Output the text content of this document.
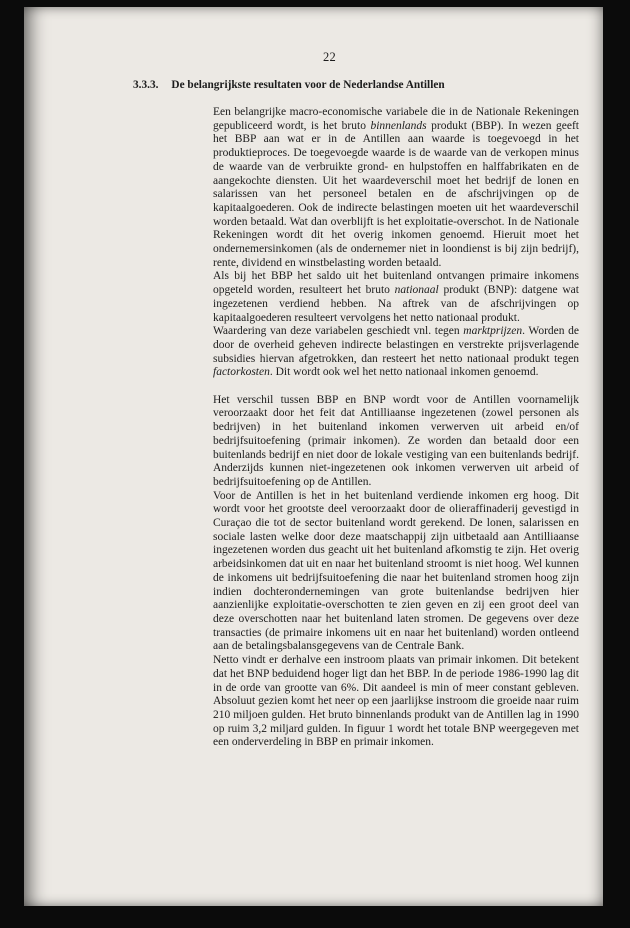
22
3.3.3. De belangrijkste resultaten voor de Nederlandse Antillen

Een belangrijke macro-economische variabele die in de Nationale Rekeningen gepubliceerd wordt, is het bruto binnenlands produkt (BBP). In wezen geeft het BBP aan wat er in de Antillen aan waarde is toegevoegd in het produktieproces. De toegevoegde waarde is de waarde van de verkopen minus de waarde van de verbruikte grond- en hulpstoffen en halffabrikaten en de aangekochte diensten. Uit het waardeverschil moet het bedrijf de lonen en salarissen van het personeel betalen en de afschrijvingen op de kapitaalgoederen. Ook de indirecte belastingen moeten uit het waardeverschil worden betaald. Wat dan overblijft is het exploitatie-overschot. In de Nationale Rekeningen wordt dit het overig inkomen genoemd. Hieruit moet het ondernemersinkomen (als de ondernemer niet in loondienst is bij zijn bedrijf), rente, dividend en winstbelasting worden betaald.

Als bij het BBP het saldo uit het buitenland ontvangen primaire inkomens opgeteld worden, resulteert het bruto nationaal produkt (BNP): datgene wat ingezetenen verdiend hebben. Na aftrek van de afschrijvingen op kapitaalgoederen resulteert vervolgens het netto nationaal produkt.

Waardering van deze variabelen geschiedt vnl. tegen marktprijzen. Worden de door de overheid geheven indirecte belastingen en verstrekte prijsverlagende subsidies hiervan afgetrokken, dan resteert het netto nationaal produkt tegen factorkosten. Dit wordt ook wel het netto nationaal inkomen genoemd.

Het verschil tussen BBP en BNP wordt voor de Antillen voornamelijk veroorzaakt door het feit dat Antilliaanse ingezetenen (zowel personen als bedrijven) in het buitenland inkomen verwerven uit arbeid en/of bedrijfsuitoefening (primair inkomen). Ze worden dan betaald door een buitenlands bedrijf en niet door de lokale vestiging van een buitenlands bedrijf. Anderzijds kunnen niet-ingezetenen ook inkomen verwerven uit arbeid of bedrijfsuitoefening op de Antillen.

Voor de Antillen is het in het buitenland verdiende inkomen erg hoog. Dit wordt voor het grootste deel veroorzaakt door de olieraffinaderij gevestigd in Curaçao die tot de sector buitenland wordt gerekend. De lonen, salarissen en sociale lasten welke door deze maatschappij zijn uitbetaald aan Antilliaanse ingezetenen worden dus geacht uit het buitenland afkomstig te zijn. Het overig arbeidsinkomen dat uit en naar het buitenland stroomt is niet hoog. Wel kunnen de inkomens uit bedrijfsuitoefening die naar het buitenland stromen hoog zijn indien dochterondernemingen van grote buitenlandse bedrijven hier aanzienlijke exploitatie-overschotten te zien geven en zij een groot deel van deze overschotten naar het buitenland laten stromen. De gegevens over deze transacties (de primaire inkomens uit en naar het buitenland) worden ontleend aan de betalingsbalansgegevens van de Centrale Bank.

Netto vindt er derhalve een instroom plaats van primair inkomen. Dit betekent dat het BNP beduidend hoger ligt dan het BBP. In de periode 1986-1990 lag dit in de orde van grootte van 6%. Dit aandeel is min of meer constant gebleven. Absoluut gezien komt het neer op een jaarlijkse instroom die groeide naar ruim 210 miljoen gulden. Het bruto binnenlands produkt van de Antillen lag in 1990 op ruim 3,2 miljard gulden. In figuur 1 wordt het totale BNP weergegeven met een onderverdeling in BBP en primair inkomen.
